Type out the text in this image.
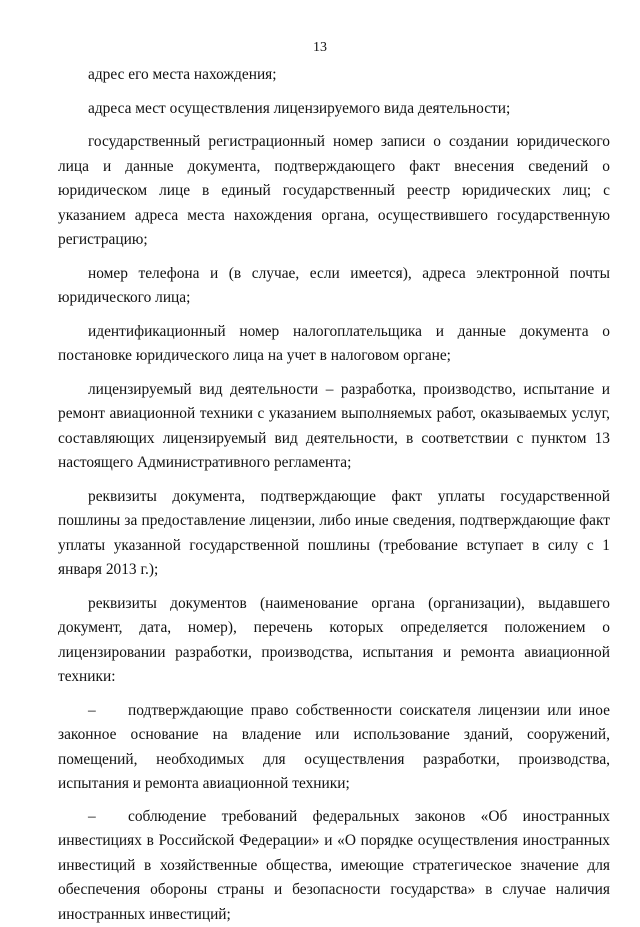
13

адрес его места нахождения;

адреса мест осуществления лицензируемого вида деятельности;

государственный регистрационный номер записи о создании юридического лица и данные документа, подтверждающего факт внесения сведений о юридическом лице в единый государственный реестр юридических лиц; с указанием адреса места нахождения органа, осуществившего государственную регистрацию;

номер телефона и (в случае, если имеется), адреса электронной почты юридического лица;

идентификационный номер налогоплательщика и данные документа о постановке юридического лица на учет в налоговом органе;

лицензируемый вид деятельности – разработка, производство, испытание и ремонт авиационной техники с указанием выполняемых работ, оказываемых услуг, составляющих лицензируемый вид деятельности, в соответствии с пунктом 13 настоящего Административного регламента;

реквизиты документа, подтверждающие факт уплаты государственной пошлины за предоставление лицензии, либо иные сведения, подтверждающие факт уплаты указанной государственной пошлины (требование вступает в силу с 1 января 2013 г.);

реквизиты документов (наименование органа (организации), выдавшего документ, дата, номер), перечень которых определяется положением о лицензировании разработки, производства, испытания и ремонта авиационной техники:

– подтверждающие право собственности соискателя лицензии или иное законное основание на владение или использование зданий, сооружений, помещений, необходимых для осуществления разработки, производства, испытания и ремонта авиационной техники;

– соблюдение требований федеральных законов «Об иностранных инвестициях в Российской Федерации» и «О порядке осуществления иностранных инвестиций в хозяйственные общества, имеющие стратегическое значение для обеспечения обороны страны и безопасности государства» в случае наличия иностранных инвестиций;
